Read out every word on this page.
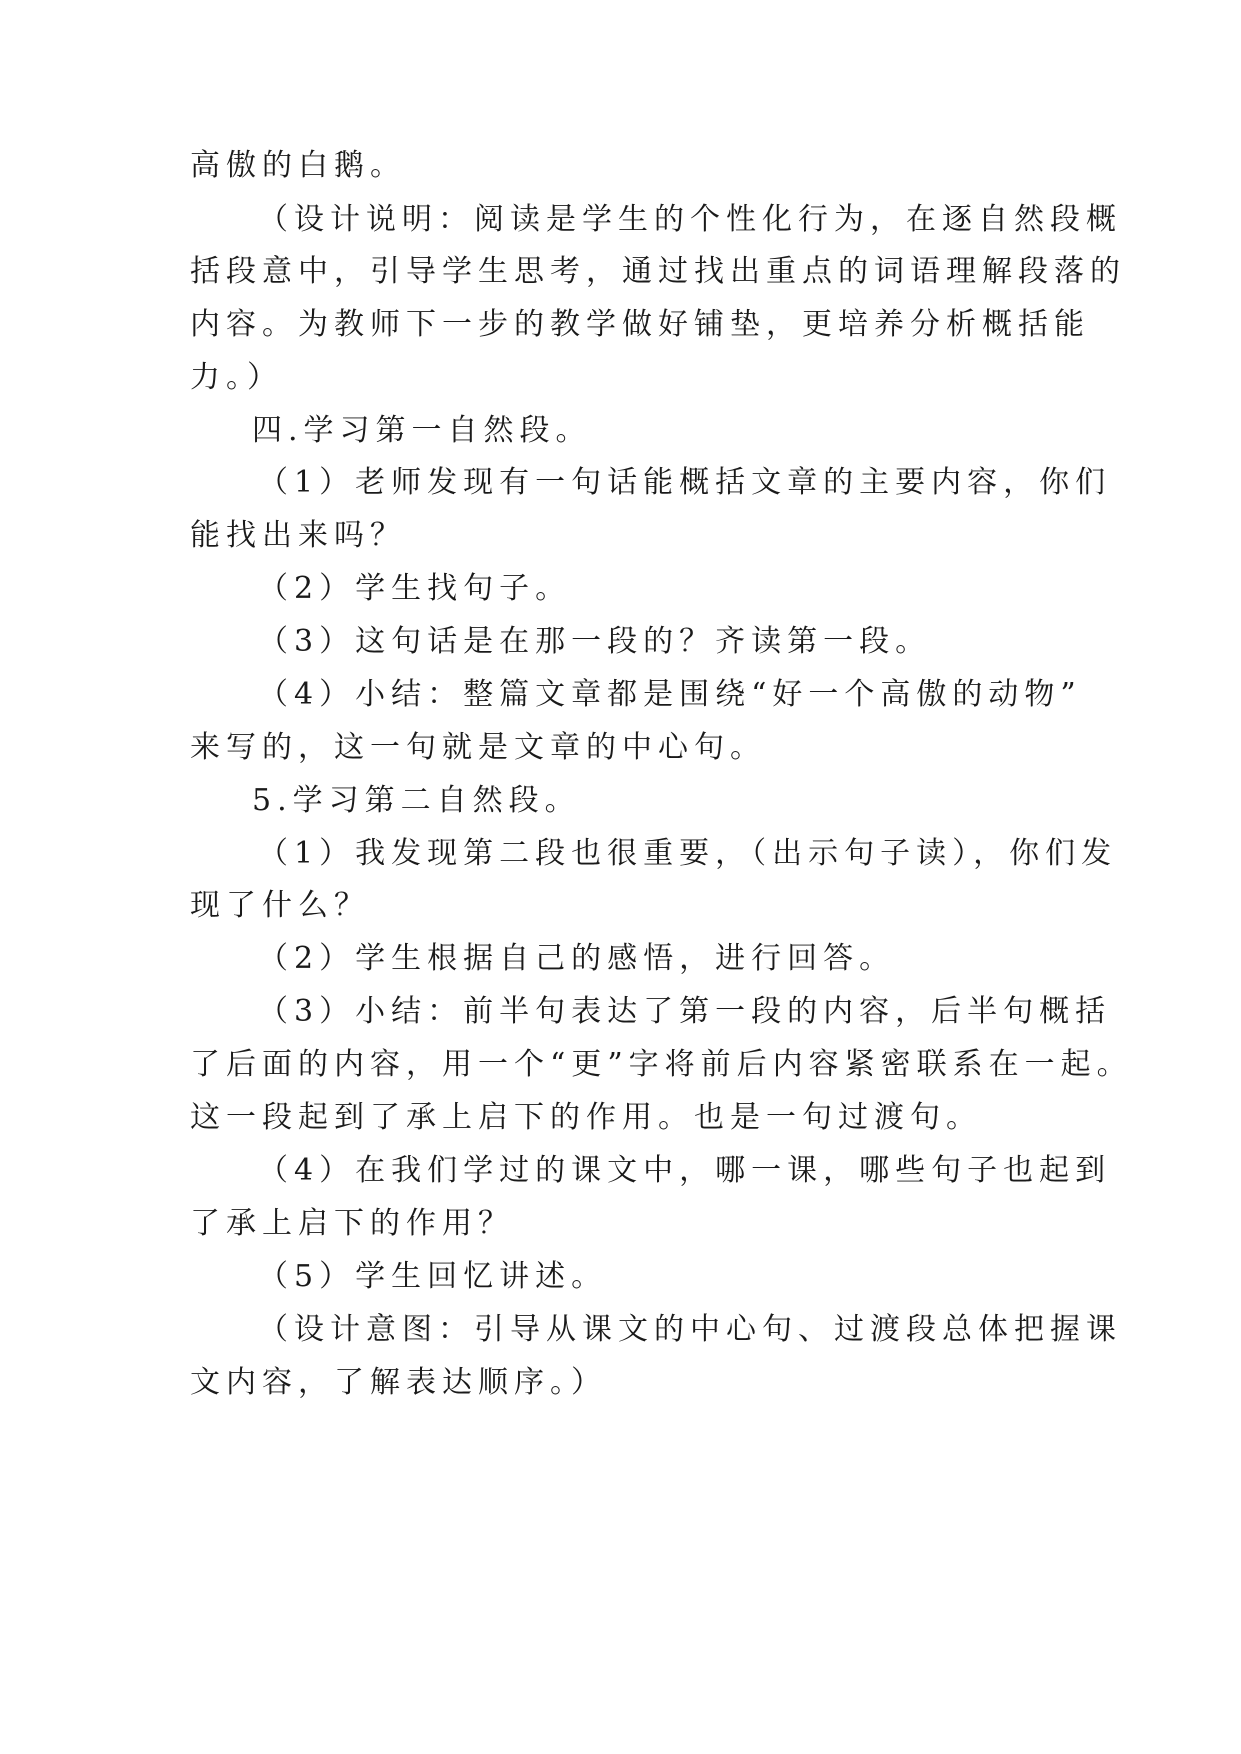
高傲的白鹅。
（设计说明：阅读是学生的个性化行为，在逐自然段概
括段意中，引导学生思考，通过找出重点的词语理解段落的
内容。为教师下一步的教学做好铺垫，更培养分析概括能
力。）
四.学习第一自然段。
（1）老师发现有一句话能概括文章的主要内容，你们
能找出来吗？
（2）学生找句子。
（3）这句话是在那一段的？齐读第一段。
（4）小结：整篇文章都是围绕“好一个高傲的动物”
来写的，这一句就是文章的中心句。
5.学习第二自然段。
（1）我发现第二段也很重要，（出示句子读），你们发
现了什么？
（2）学生根据自己的感悟，进行回答。
（3）小结：前半句表达了第一段的内容，后半句概括
了后面的内容，用一个“更”字将前后内容紧密联系在一起。
这一段起到了承上启下的作用。也是一句过渡句。
（4）在我们学过的课文中，哪一课，哪些句子也起到
了承上启下的作用？
（5）学生回忆讲述。
（设计意图：引导从课文的中心句、过渡段总体把握课
文内容，了解表达顺序。）
